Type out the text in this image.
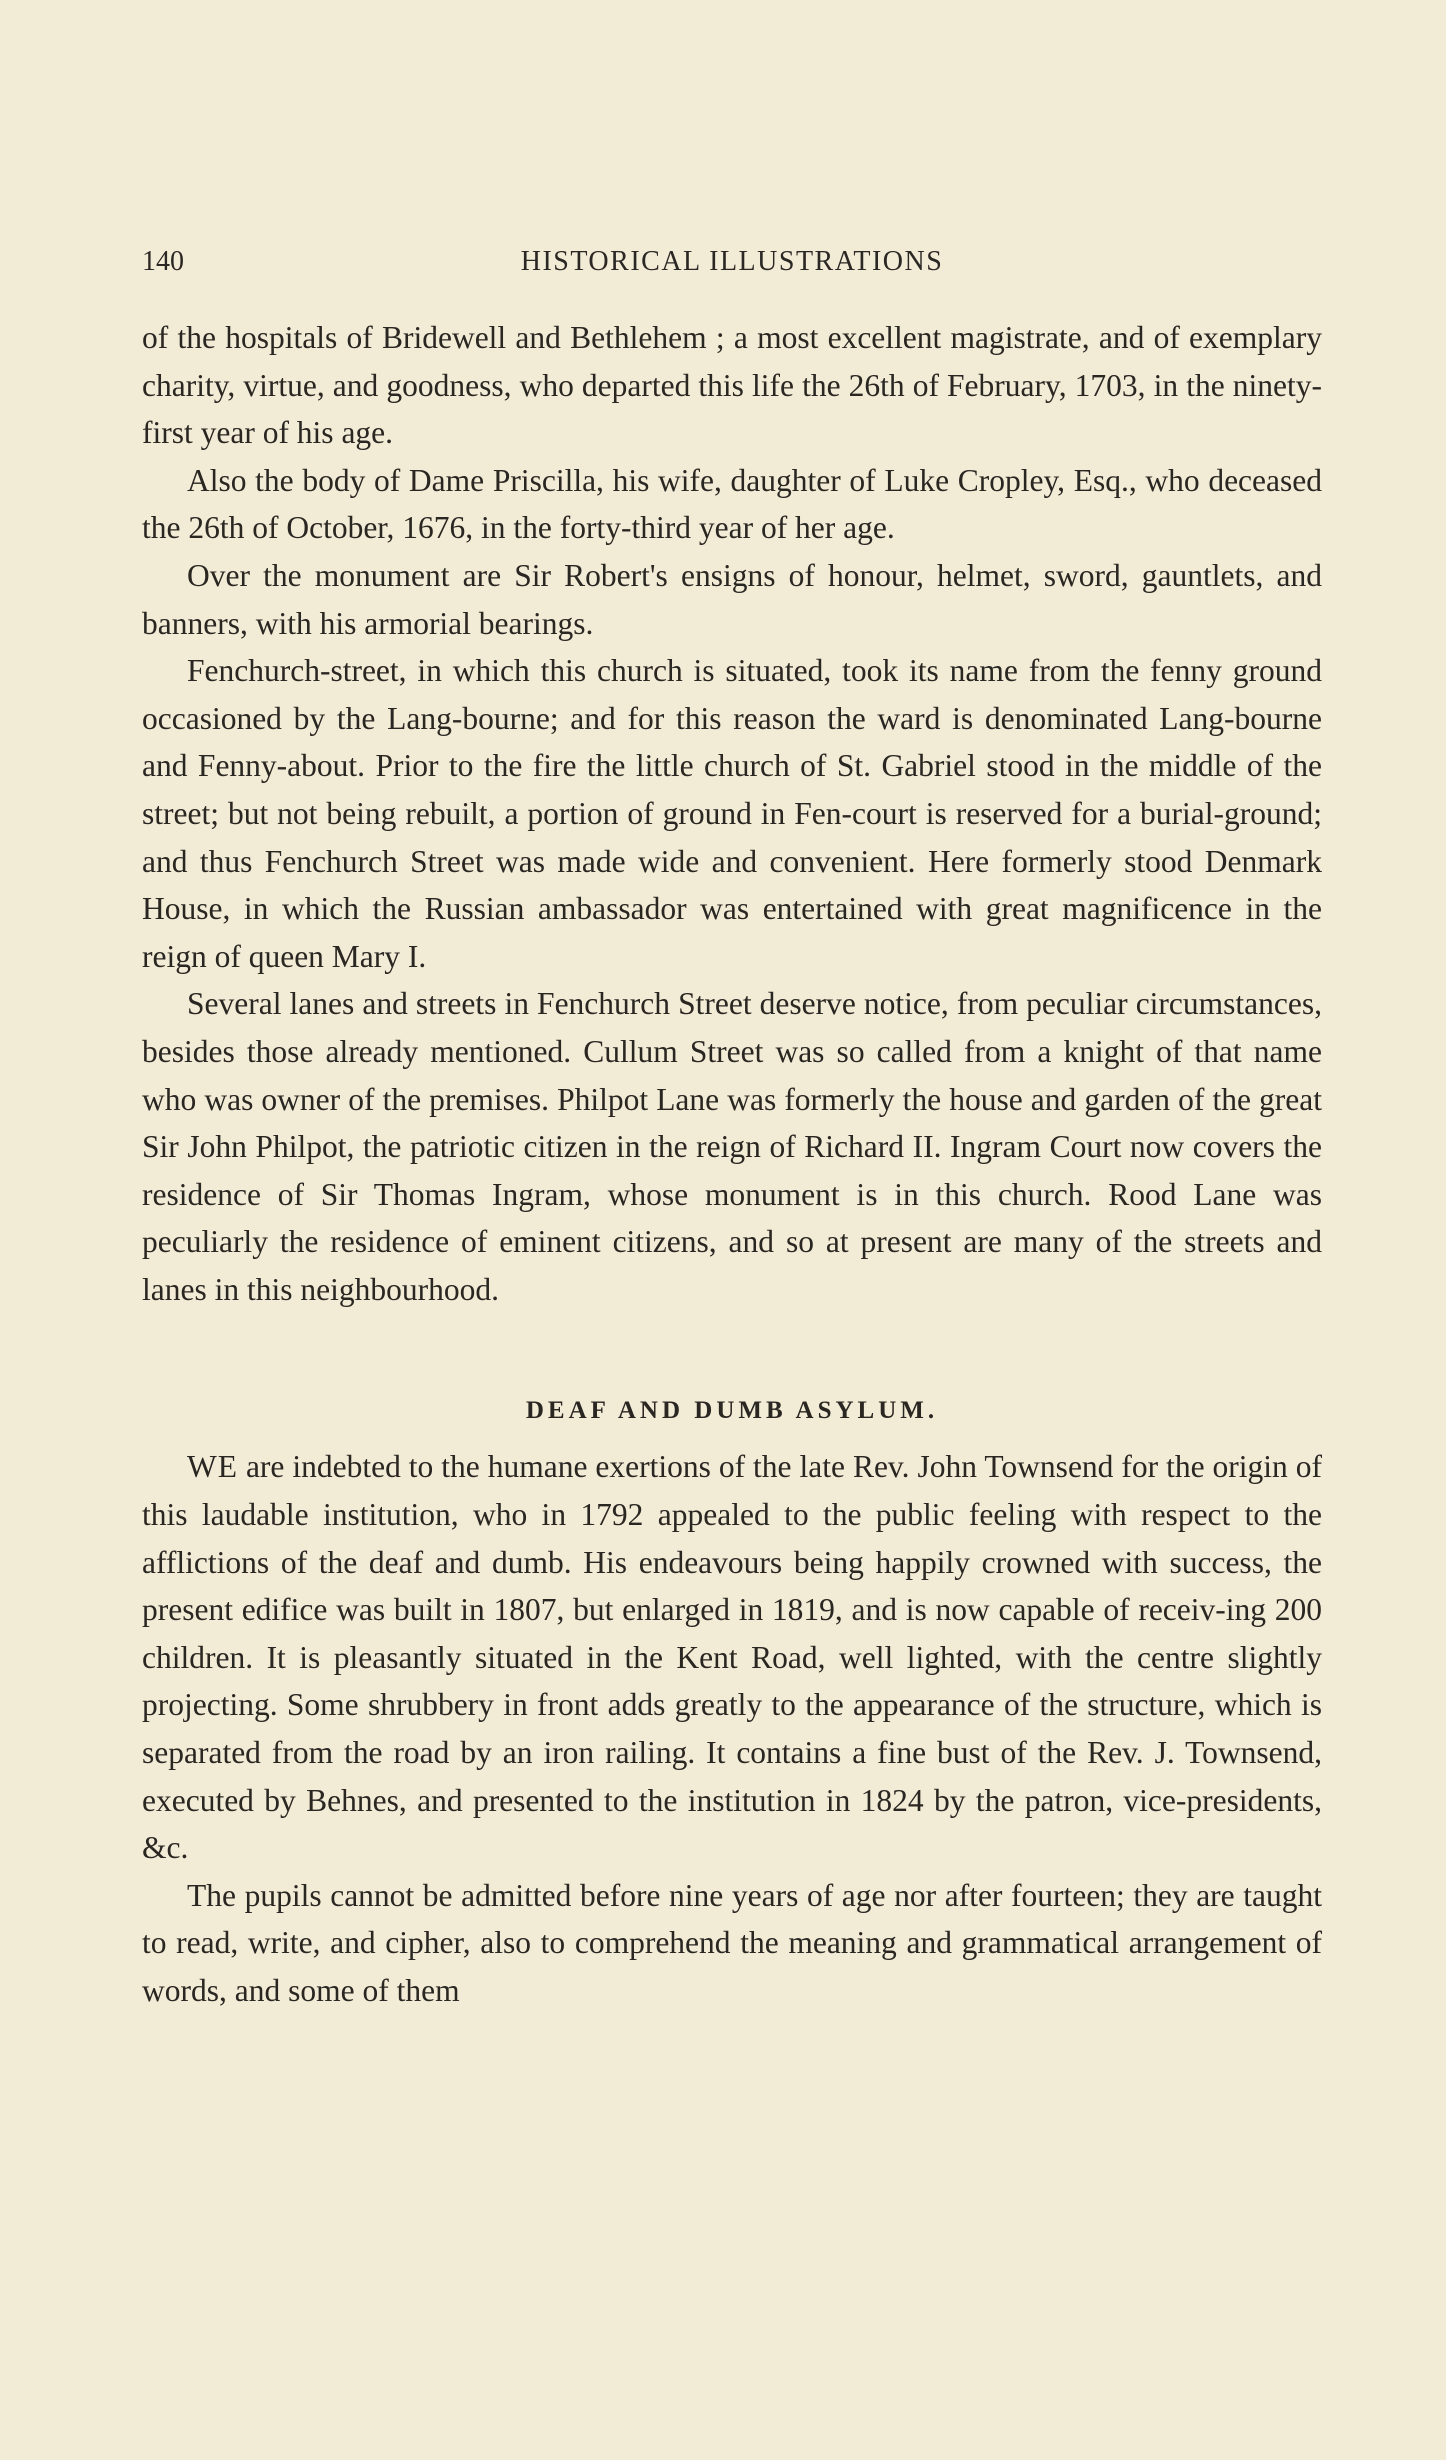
140	HISTORICAL ILLUSTRATIONS

of the hospitals of Bridewell and Bethlehem ; a most excellent magistrate, and of exemplary charity, virtue, and goodness, who departed this life the 26th of February, 1703, in the ninety-first year of his age.

Also the body of Dame Priscilla, his wife, daughter of Luke Cropley, Esq., who deceased the 26th of October, 1676, in the forty-third year of her age.

Over the monument are Sir Robert's ensigns of honour, helmet, sword, gauntlets, and banners, with his armorial bearings.

Fenchurch-street, in which this church is situated, took its name from the fenny ground occasioned by the Lang-bourne; and for this reason the ward is denominated Lang-bourne and Fenny-about. Prior to the fire the little church of St. Gabriel stood in the middle of the street; but not being rebuilt, a portion of ground in Fen-court is reserved for a burial-ground; and thus Fenchurch Street was made wide and convenient. Here formerly stood Denmark House, in which the Russian ambassador was entertained with great magnificence in the reign of queen Mary I.

Several lanes and streets in Fenchurch Street deserve notice, from peculiar circumstances, besides those already mentioned. Cullum Street was so called from a knight of that name who was owner of the premises. Philpot Lane was formerly the house and garden of the great Sir John Philpot, the patriotic citizen in the reign of Richard II. Ingram Court now covers the residence of Sir Thomas Ingram, whose monument is in this church. Rood Lane was peculiarly the residence of eminent citizens, and so at present are many of the streets and lanes in this neighbourhood.

DEAF AND DUMB ASYLUM.

WE are indebted to the humane exertions of the late Rev. John Townsend for the origin of this laudable institution, who in 1792 appealed to the public feeling with respect to the afflictions of the deaf and dumb. His endeavours being happily crowned with success, the present edifice was built in 1807, but enlarged in 1819, and is now capable of receiv-ing 200 children. It is pleasantly situated in the Kent Road, well lighted, with the centre slightly projecting. Some shrubbery in front adds greatly to the appearance of the structure, which is separated from the road by an iron railing. It contains a fine bust of the Rev. J. Townsend, executed by Behnes, and presented to the institution in 1824 by the patron, vice-presidents, &c.

The pupils cannot be admitted before nine years of age nor after fourteen; they are taught to read, write, and cipher, also to comprehend the meaning and grammatical arrangement of words, and some of them
